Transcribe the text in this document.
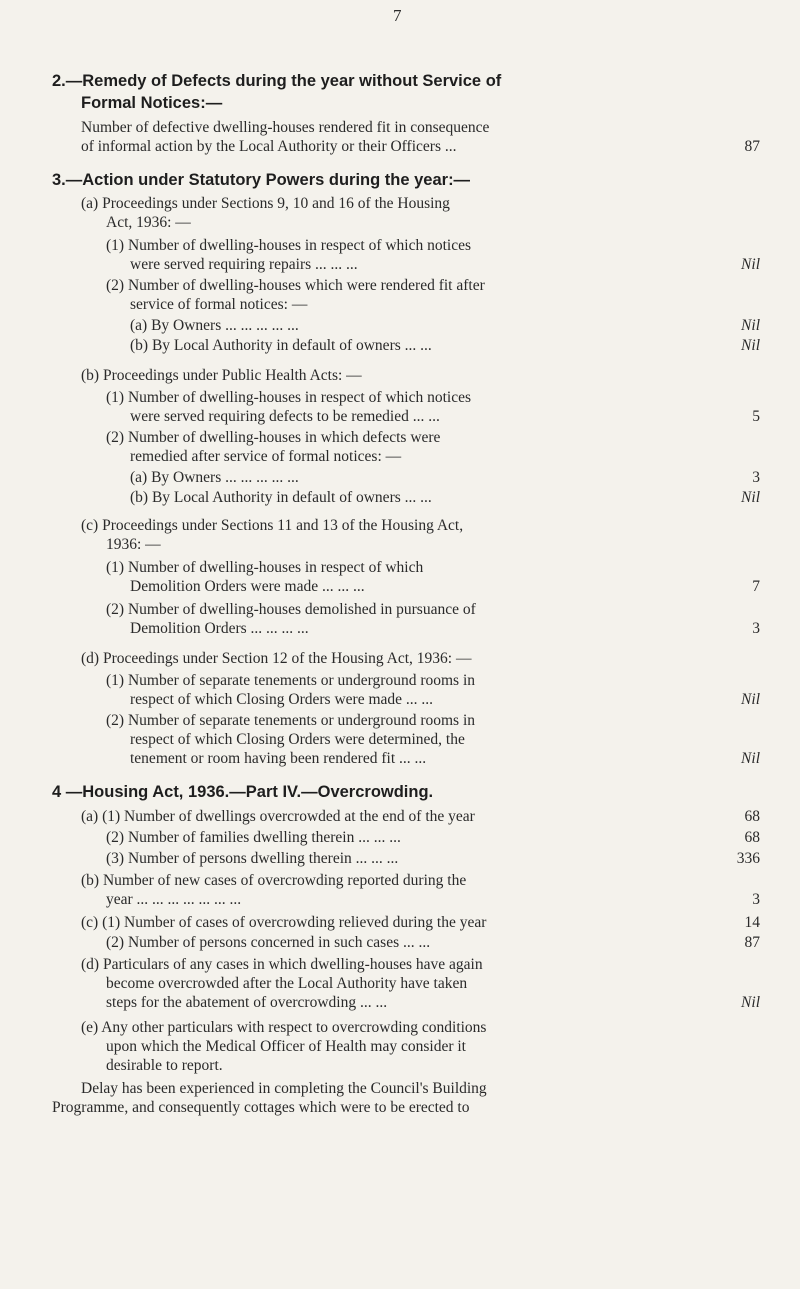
7
2.—Remedy of Defects during the year without Service of
Formal Notices:—
Number of defective dwelling-houses rendered fit in consequence
of informal action by the Local Authority or their Officers ...	87
3.—Action under Statutory Powers during the year:—
(a) Proceedings under Sections 9, 10 and 16 of the Housing
Act, 1936: —
(1) Number of dwelling-houses in respect of which notices
were served requiring repairs ... ... ...	Nil
(2) Number of dwelling-houses which were rendered fit after
service of formal notices: —
(a) By Owners ... ... ... ... ...	Nil
(b) By Local Authority in default of owners ... ...	Nil
(b) Proceedings under Public Health Acts: —
(1) Number of dwelling-houses in respect of which notices
were served requiring defects to be remedied ... ...	5
(2) Number of dwelling-houses in which defects were
remedied after service of formal notices: —
(a) By Owners ... ... ... ... ...	3
(b) By Local Authority in default of owners ... ...	Nil
(c) Proceedings under Sections 11 and 13 of the Housing Act,
1936: —
(1) Number of dwelling-houses in respect of which
Demolition Orders were made ... ... ...	7
(2) Number of dwelling-houses demolished in pursuance of
Demolition Orders ... ... ... ...	3
(d) Proceedings under Section 12 of the Housing Act, 1936: —
(1) Number of separate tenements or underground rooms in
respect of which Closing Orders were made ... ...	Nil
(2) Number of separate tenements or underground rooms in
respect of which Closing Orders were determined, the
tenement or room having been rendered fit ... ...	Nil
4 —Housing Act, 1936.—Part IV.—Overcrowding.
(a) (1) Number of dwellings overcrowded at the end of the year	68
(2) Number of families dwelling therein ... ... ...	68
(3) Number of persons dwelling therein ... ... ...	336
(b) Number of new cases of overcrowding reported during the
year ... ... ... ... ... ... ...	3
(c) (1) Number of cases of overcrowding relieved during the year	14
(2) Number of persons concerned in such cases ... ...	87
(d) Particulars of any cases in which dwelling-houses have again
become overcrowded after the Local Authority have taken
steps for the abatement of overcrowding ... ...	Nil
(e) Any other particulars with respect to overcrowding conditions
upon which the Medical Officer of Health may consider it
desirable to report.
Delay has been experienced in completing the Council's Building
Programme, and consequently cottages which were to be erected to
